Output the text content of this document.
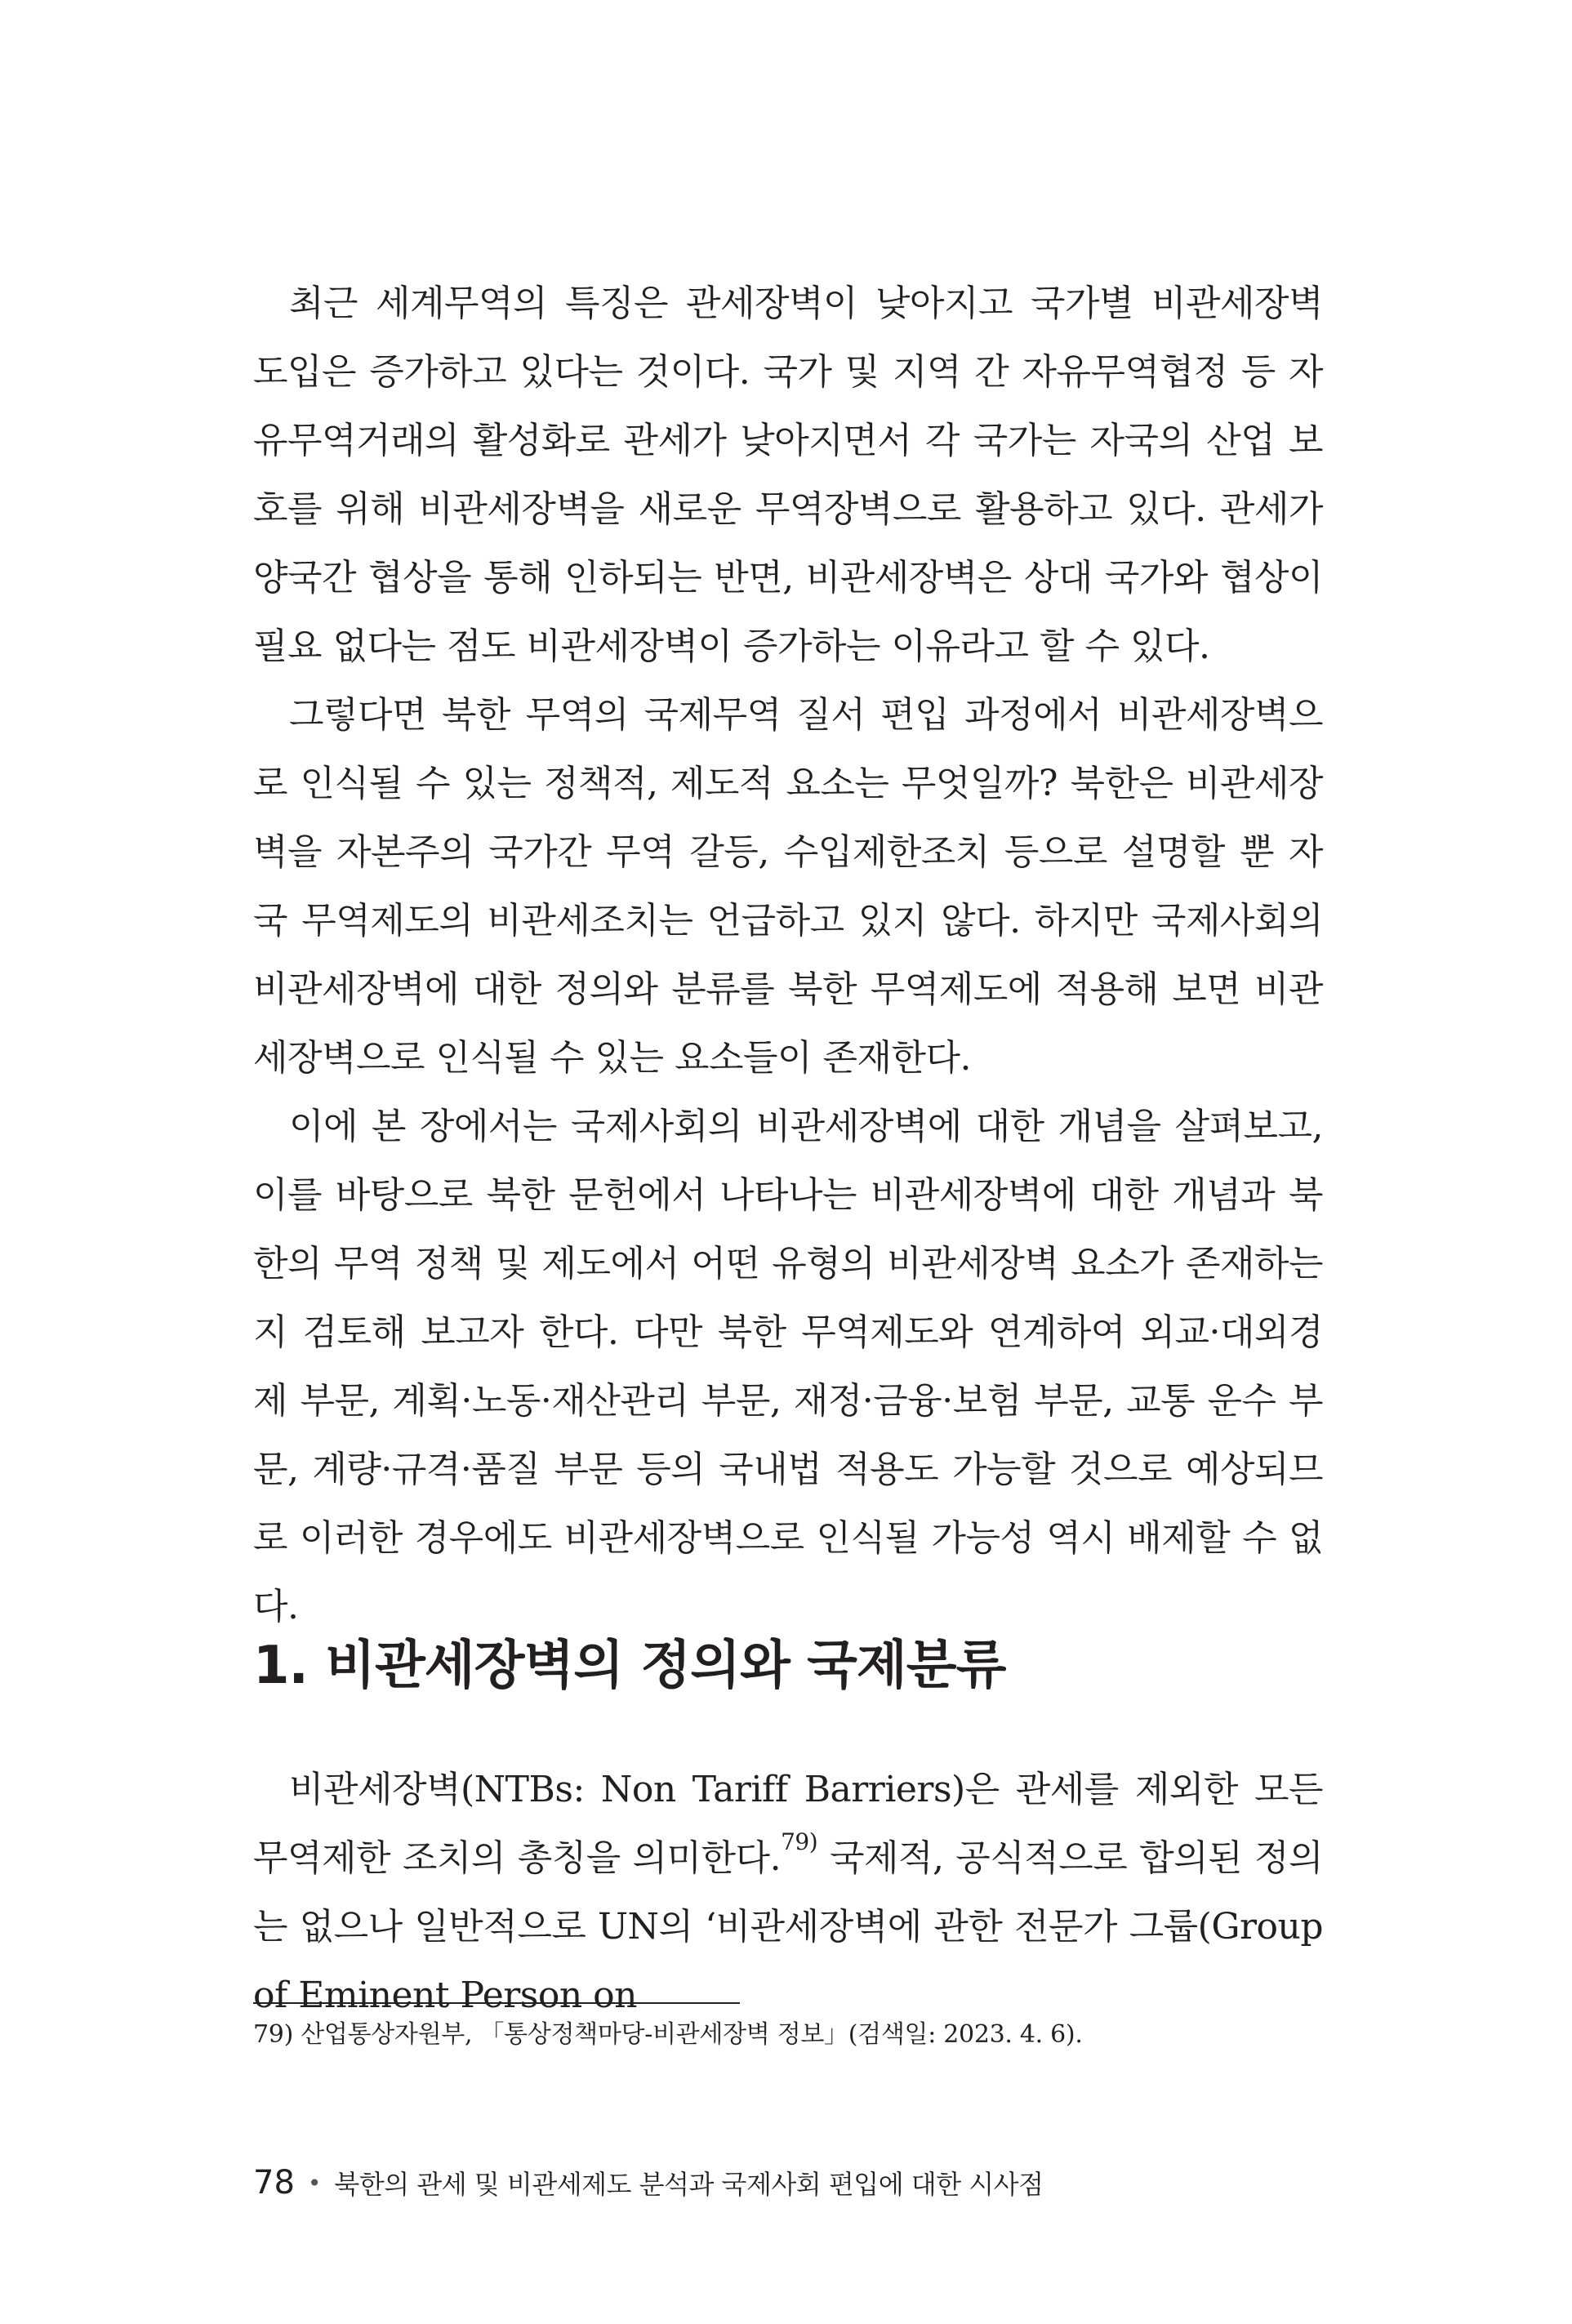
최근 세계무역의 특징은 관세장벽이 낮아지고 국가별 비관세장벽 도입은 증가하고 있다는 것이다. 국가 및 지역 간 자유무역협정 등 자유무역거래의 활성화로 관세가 낮아지면서 각 국가는 자국의 산업 보호를 위해 비관세장벽을 새로운 무역장벽으로 활용하고 있다. 관세가 양국간 협상을 통해 인하되는 반면, 비관세장벽은 상대 국가와 협상이 필요 없다는 점도 비관세장벽이 증가하는 이유라고 할 수 있다.

그렇다면 북한 무역의 국제무역 질서 편입 과정에서 비관세장벽으로 인식될 수 있는 정책적, 제도적 요소는 무엇일까? 북한은 비관세장벽을 자본주의 국가간 무역 갈등, 수입제한조치 등으로 설명할 뿐 자국 무역제도의 비관세조치는 언급하고 있지 않다. 하지만 국제사회의 비관세장벽에 대한 정의와 분류를 북한 무역제도에 적용해 보면 비관세장벽으로 인식될 수 있는 요소들이 존재한다.

이에 본 장에서는 국제사회의 비관세장벽에 대한 개념을 살펴보고, 이를 바탕으로 북한 문헌에서 나타나는 비관세장벽에 대한 개념과 북한의 무역 정책 및 제도에서 어떤 유형의 비관세장벽 요소가 존재하는지 검토해 보고자 한다. 다만 북한 무역제도와 연계하여 외교·대외경제 부문, 계획·노동·재산관리 부문, 재정·금융·보험 부문, 교통 운수 부문, 계량·규격·품질 부문 등의 국내법 적용도 가능할 것으로 예상되므로 이러한 경우에도 비관세장벽으로 인식될 가능성 역시 배제할 수 없다.

1. 비관세장벽의 정의와 국제분류

비관세장벽(NTBs: Non Tariff Barriers)은 관세를 제외한 모든 무역제한 조치의 총칭을 의미한다.$^{79)}$ 국제적, 공식적으로 합의된 정의는 없으나 일반적으로 UN의 ‘비관세장벽에 관한 전문가 그룹(Group of Eminent Person on

79) 산업통상자원부, 「통상정책마당-비관세장벽 정보」(검색일: 2023. 4. 6).

78 • 북한의 관세 및 비관세제도 분석과 국제사회 편입에 대한 시사점
